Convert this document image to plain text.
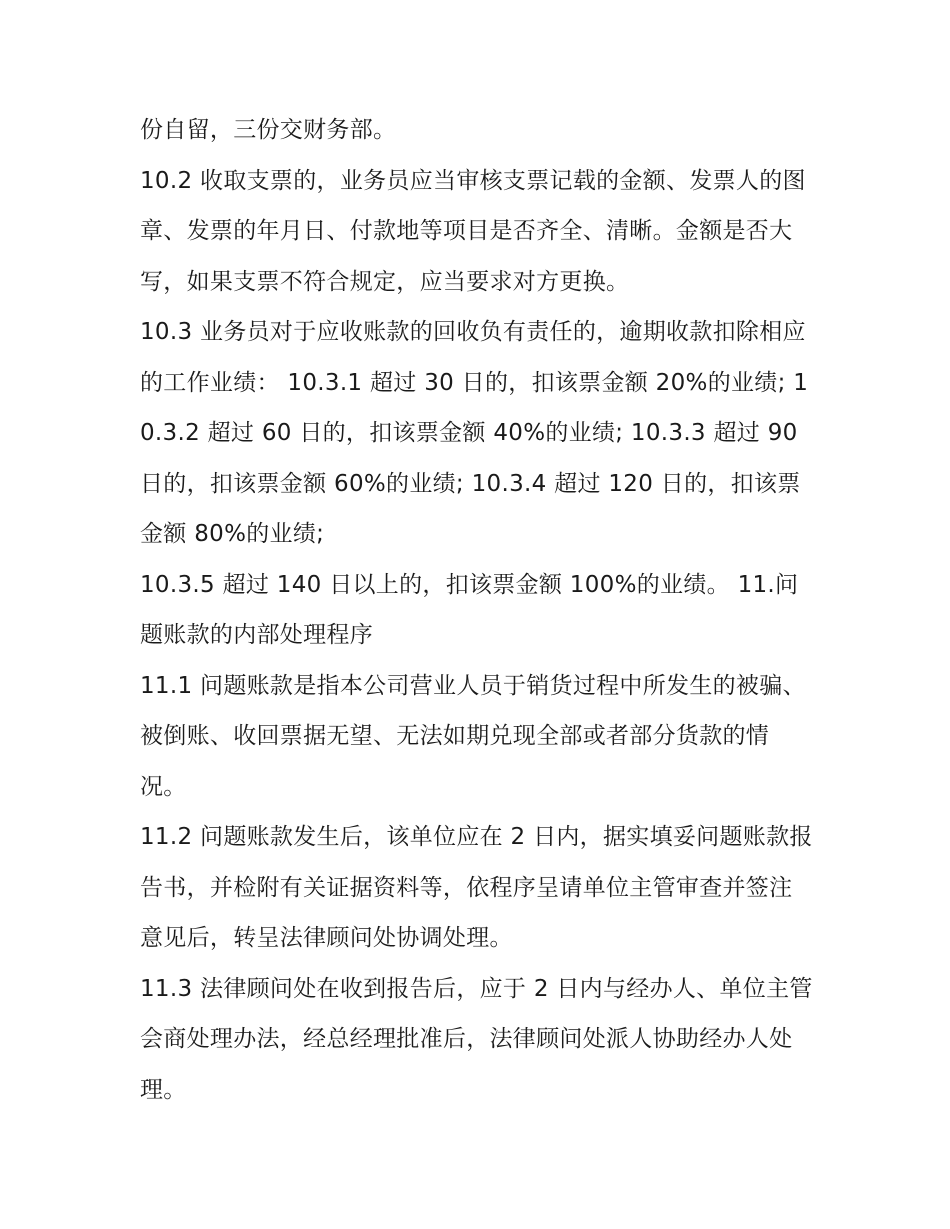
份自留，三份交财务部。

10.2 收取支票的，业务员应当审核支票记载的金额、发票人的图章、发票的年月日、付款地等项目是否齐全、清晰。金额是否大写，如果支票不符合规定，应当要求对方更换。

10.3 业务员对于应收账款的回收负有责任的，逾期收款扣除相应的工作业绩： 10.3.1 超过 30 日的，扣该票金额 20%的业绩; 10.3.2 超过 60 日的，扣该票金额 40%的业绩; 10.3.3 超过 90 日的，扣该票金额 60%的业绩; 10.3.4 超过 120 日的，扣该票金额 80%的业绩;

10.3.5 超过 140 日以上的，扣该票金额 100%的业绩。 11.问题账款的内部处理程序

11.1 问题账款是指本公司营业人员于销货过程中所发生的被骗、被倒账、收回票据无望、无法如期兑现全部或者部分货款的情况。

11.2 问题账款发生后，该单位应在 2 日内，据实填妥问题账款报告书，并检附有关证据资料等，依程序呈请单位主管审查并签注意见后，转呈法律顾问处协调处理。

11.3 法律顾问处在收到报告后，应于 2 日内与经办人、单位主管会商处理办法，经总经理批准后，法律顾问处派人协助经办人处理。
